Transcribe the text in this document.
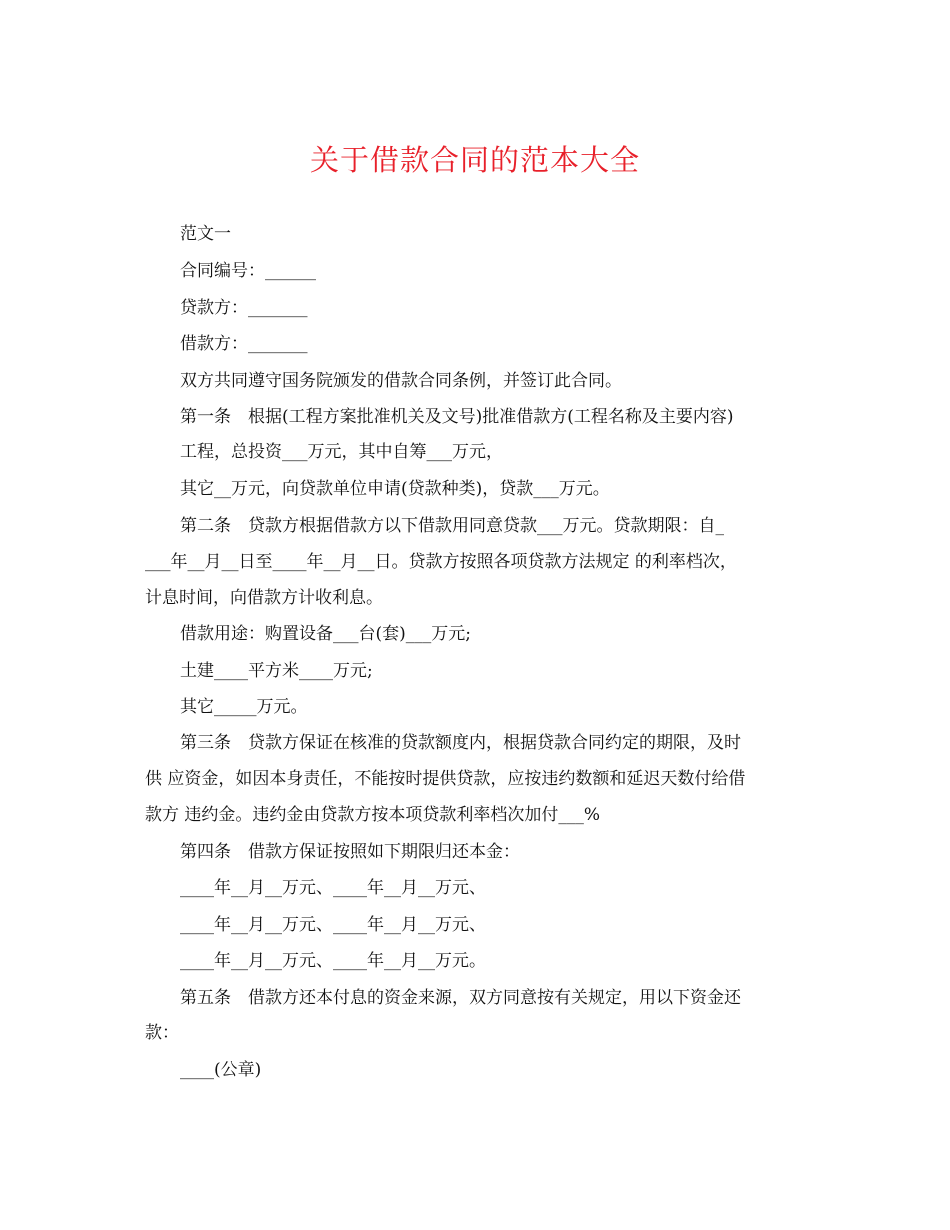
关于借款合同的范本大全
范文一
合同编号：______
贷款方：_______
借款方：_______
双方共同遵守国务院颁发的借款合同条例，并签订此合同。
第一条　根据(工程方案批准机关及文号)批准借款方(工程名称及主要内容)
工程，总投资___万元，其中自筹___万元，
其它__万元，向贷款单位申请(贷款种类)，贷款___万元。
第二条　贷款方根据借款方以下借款用同意贷款___万元。贷款期限：自_
___年__月__日至____年__月__日。贷款方按照各项贷款方法规定 的利率档次，
计息时间，向借款方计收利息。
借款用途：购置设备___台(套)___万元;
土建____平方米____万元;
其它_____万元。
第三条　贷款方保证在核准的贷款额度内，根据贷款合同约定的期限，及时
供 应资金，如因本身责任，不能按时提供贷款，应按违约数额和延迟天数付给借
款方 违约金。违约金由贷款方按本项贷款利率档次加付___%
第四条　借款方保证按照如下期限归还本金：
____年__月__万元、____年__月__万元、
____年__月__万元、____年__月__万元、
____年__月__万元、____年__月__万元。
第五条　借款方还本付息的资金来源，双方同意按有关规定，用以下资金还
款：
____(公章)
